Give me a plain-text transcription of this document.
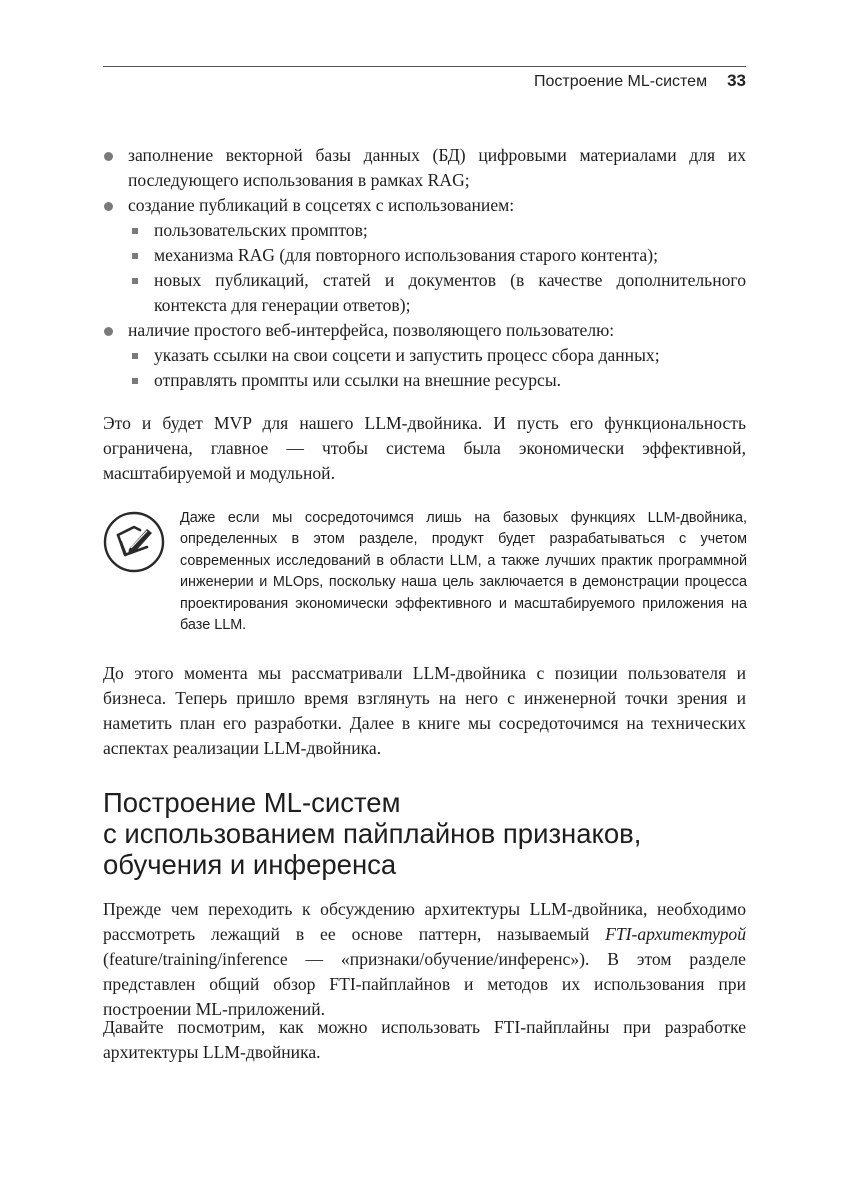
Построение ML-систем 33
заполнение векторной базы данных (БД) цифровыми материалами для их последующего использования в рамках RAG;
создание публикаций в соцсетях с использованием:
пользовательских промптов;
механизма RAG (для повторного использования старого контента);
новых публикаций, статей и документов (в качестве дополнительного контекста для генерации ответов);
наличие простого веб-интерфейса, позволяющего пользователю:
указать ссылки на свои соцсети и запустить процесс сбора данных;
отправлять промпты или ссылки на внешние ресурсы.

Это и будет MVP для нашего LLM-двойника. И пусть его функциональность ограничена, главное — чтобы система была экономически эффективной, масштабируемой и модульной.

Даже если мы сосредоточимся лишь на базовых функциях LLM-двойника, определенных в этом разделе, продукт будет разрабатываться с учетом современных исследований в области LLM, а также лучших практик программной инженерии и MLOps, поскольку наша цель заключается в демонстрации процесса проектирования экономически эффективного и масштабируемого приложения на базе LLM.

До этого момента мы рассматривали LLM-двойника с позиции пользователя и бизнеса. Теперь пришло время взглянуть на него с инженерной точки зрения и наметить план его разработки. Далее в книге мы сосредоточимся на технических аспектах реализации LLM-двойника.

Построение ML-систем
с использованием пайплайнов признаков,
обучения и инференса

Прежде чем переходить к обсуждению архитектуры LLM-двойника, необходимо рассмотреть лежащий в ее основе паттерн, называемый FTI-архитектурой (feature/training/inference — «признаки/обучение/инференс»). В этом разделе представлен общий обзор FTI-пайплайнов и методов их использования при построении ML-приложений.

Давайте посмотрим, как можно использовать FTI-пайплайны при разработке архитектуры LLM-двойника.
